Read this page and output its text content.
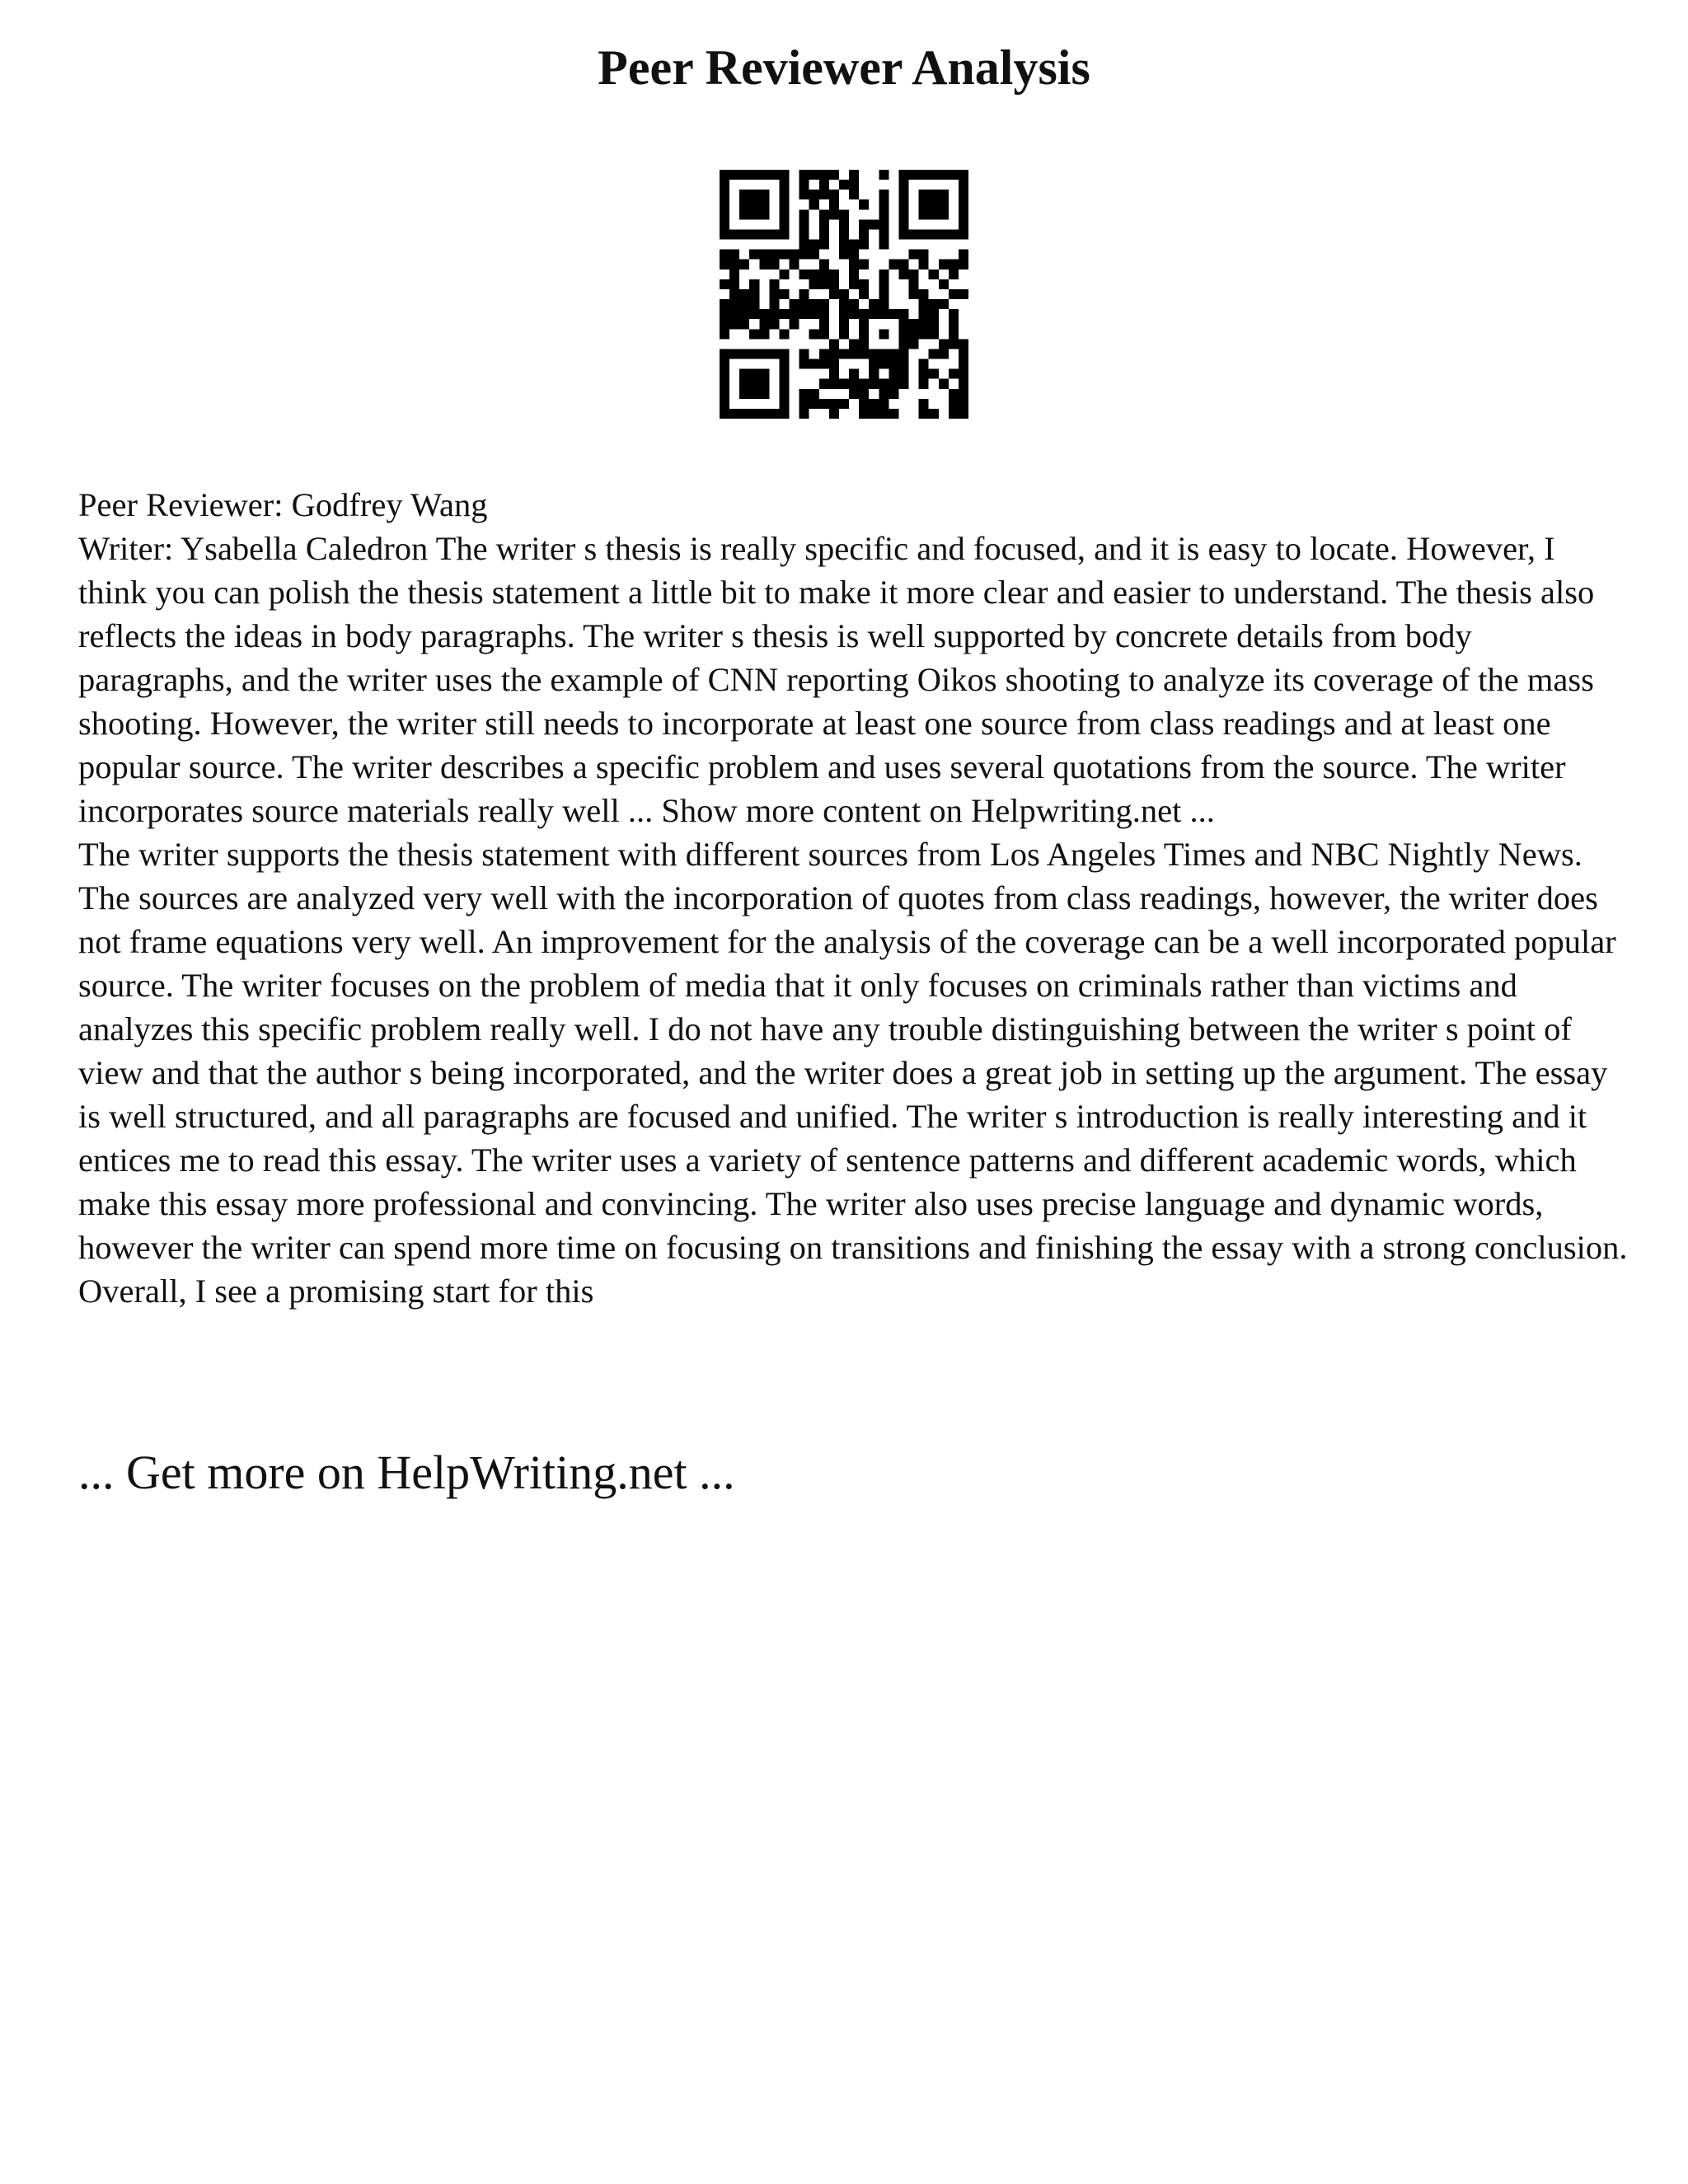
Peer Reviewer Analysis

Peer Reviewer: Godfrey Wang

Writer: Ysabella Caledron The writer s thesis is really specific and focused, and it is easy to locate. However, I think you can polish the thesis statement a little bit to make it more clear and easier to understand. The thesis also reflects the ideas in body paragraphs. The writer s thesis is well supported by concrete details from body paragraphs, and the writer uses the example of CNN reporting Oikos shooting to analyze its coverage of the mass shooting. However, the writer still needs to incorporate at least one source from class readings and at least one popular source. The writer describes a specific problem and uses several quotations from the source. The writer incorporates source materials really well ... Show more content on Helpwriting.net ...

The writer supports the thesis statement with different sources from Los Angeles Times and NBC Nightly News. The sources are analyzed very well with the incorporation of quotes from class readings, however, the writer does not frame equations very well. An improvement for the analysis of the coverage can be a well incorporated popular source. The writer focuses on the problem of media that it only focuses on criminals rather than victims and analyzes this specific problem really well. I do not have any trouble distinguishing between the writer s point of view and that the author s being incorporated, and the writer does a great job in setting up the argument. The essay is well structured, and all paragraphs are focused and unified. The writer s introduction is really interesting and it entices me to read this essay. The writer uses a variety of sentence patterns and different academic words, which make this essay more professional and convincing. The writer also uses precise language and dynamic words, however the writer can spend more time on focusing on transitions and finishing the essay with a strong conclusion. Overall, I see a promising start for this

... Get more on HelpWriting.net ...
